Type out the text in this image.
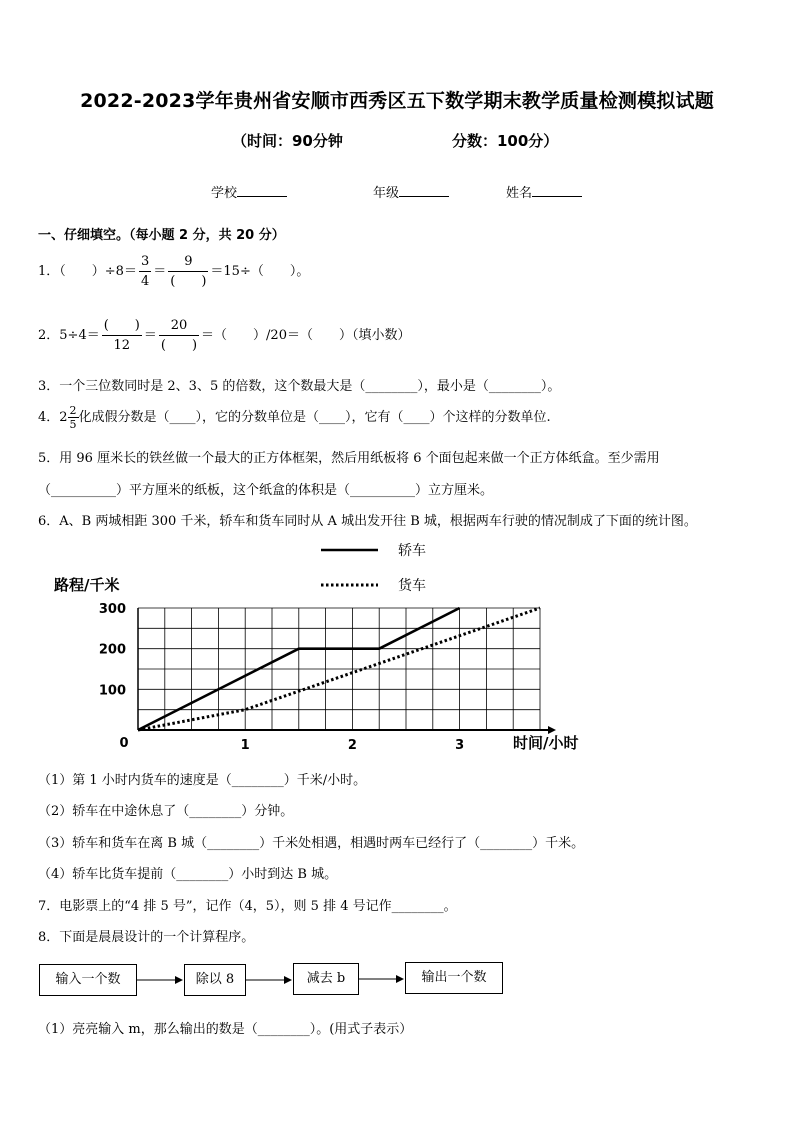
2022-2023学年贵州省安顺市西秀区五下数学期末教学质量检测模拟试题
（时间：90分钟	分数：100分）
学校	年级	姓名
一、仔细填空。（每小题 2 分，共 20 分）
1．（　　）$\div 8= \frac{3}{4} = \frac{9}{( )} =15\div$（　　）。
2．$5\div 4= \frac{( )}{12} = \frac{20}{( )}$ ＝（　　）/20＝（　　）（填小数）
3．一个三位数同时是 2、3、5 的倍数，这个数最大是（________），最小是（________）。
4．$2 \frac{2}{5}$ 化成假分数是（____），它的分数单位是（____），它有（____）个这样的分数单位.
5．用 96 厘米长的铁丝做一个最大的正方体框架，然后用纸板将 6 个面包起来做一个正方体纸盒。至少需用
（__________）平方厘米的纸板，这个纸盒的体积是（__________）立方厘米。
6．A、B 两城相距 300 千米，轿车和货车同时从 A 城出发开往 B 城，根据两车行驶的情况制成了下面的统计图。
100
200
300
1	2	3
0
路程/千米
时间/小时
轿车
货车
（1）第 1 小时内货车的速度是（________）千米/小时。
（2）轿车在中途休息了（________）分钟。
（3）轿车和货车在离 B 城（________）千米处相遇，相遇时两车已经行了（________）千米。
（4）轿车比货车提前（________）小时到达 B 城。
7．电影票上的“4 排 5 号”，记作（4，5），则 5 排 4 号记作________。
8．下面是晨晨设计的一个计算程序。
输入一个数	除以 8	减去 b	输出一个数
（1）亮亮输入 m，那么输出的数是（________）。(用式子表示）
